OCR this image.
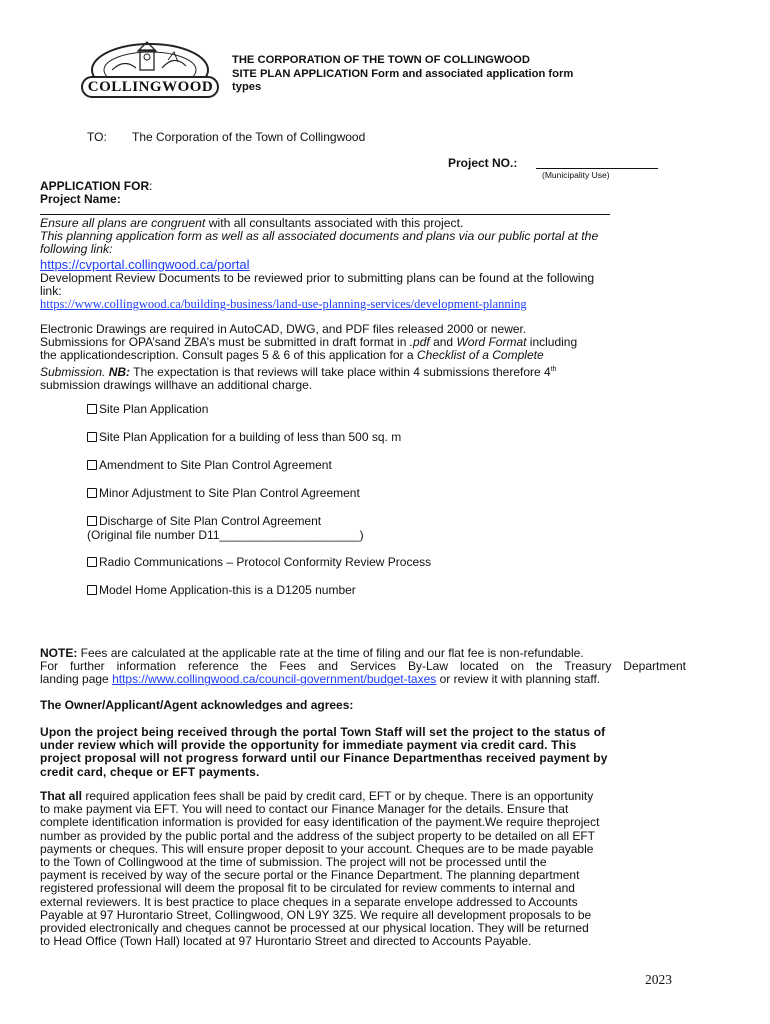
COLLINGWOOD
THE CORPORATION OF THE TOWN OF COLLINGWOOD
SITE PLAN APPLICATION Form and associated application form
types
TO: The Corporation of the Town of Collingwood
Project NO.:
(Municipality Use)
APPLICATION FOR:
Project Name:
Ensure all plans are congruent with all consultants associated with this project.
This planning application form as well as all associated documents and plans via our public portal at the
following link:
https://cvportal.collingwood.ca/portal
Development Review Documents to be reviewed prior to submitting plans can be found at the following
link:
https://www.collingwood.ca/building-business/land-use-planning-services/development-planning
Electronic Drawings are required in AutoCAD, DWG, and PDF files released 2000 or newer.
Submissions for OPA’sand ZBA’s must be submitted in draft format in .pdf and Word Format including
the applicationdescription. Consult pages 5 & 6 of this application for a Checklist of a Complete
Submission. NB: The expectation is that reviews will take place within 4 submissions therefore 4th
submission drawings willhave an additional charge.
Site Plan Application
Site Plan Application for a building of less than 500 sq. m
Amendment to Site Plan Control Agreement
Minor Adjustment to Site Plan Control Agreement
Discharge of Site Plan Control Agreement
(Original file number D11_____________________)
Radio Communications – Protocol Conformity Review Process
Model Home Application-this is a D1205 number
NOTE: Fees are calculated at the applicable rate at the time of filing and our flat fee is non-refundable.
For further information reference the Fees and Services By-Law located on the Treasury Department
landing page https://www.collingwood.ca/council-government/budget-taxes or review it with planning staff.
The Owner/Applicant/Agent acknowledges and agrees:
Upon the project being received through the portal Town Staff will set the project to the status of
under review which will provide the opportunity for immediate payment via credit card. This
project proposal will not progress forward until our Finance Departmenthas received payment by
credit card, cheque or EFT payments.
That all required application fees shall be paid by credit card, EFT or by cheque. There is an opportunity
to make payment via EFT. You will need to contact our Finance Manager for the details. Ensure that
complete identification information is provided for easy identification of the payment.We require theproject
number as provided by the public portal and the address of the subject property to be detailed on all EFT
payments or cheques. This will ensure proper deposit to your account. Cheques are to be made payable
to the Town of Collingwood at the time of submission. The project will not be processed until the
payment is received by way of the secure portal or the Finance Department. The planning department
registered professional will deem the proposal fit to be circulated for review comments to internal and
external reviewers. It is best practice to place cheques in a separate envelope addressed to Accounts
Payable at 97 Hurontario Street, Collingwood, ON L9Y 3Z5. We require all development proposals to be
provided electronically and cheques cannot be processed at our physical location. They will be returned
to Head Office (Town Hall) located at 97 Hurontario Street and directed to Accounts Payable.
2023
